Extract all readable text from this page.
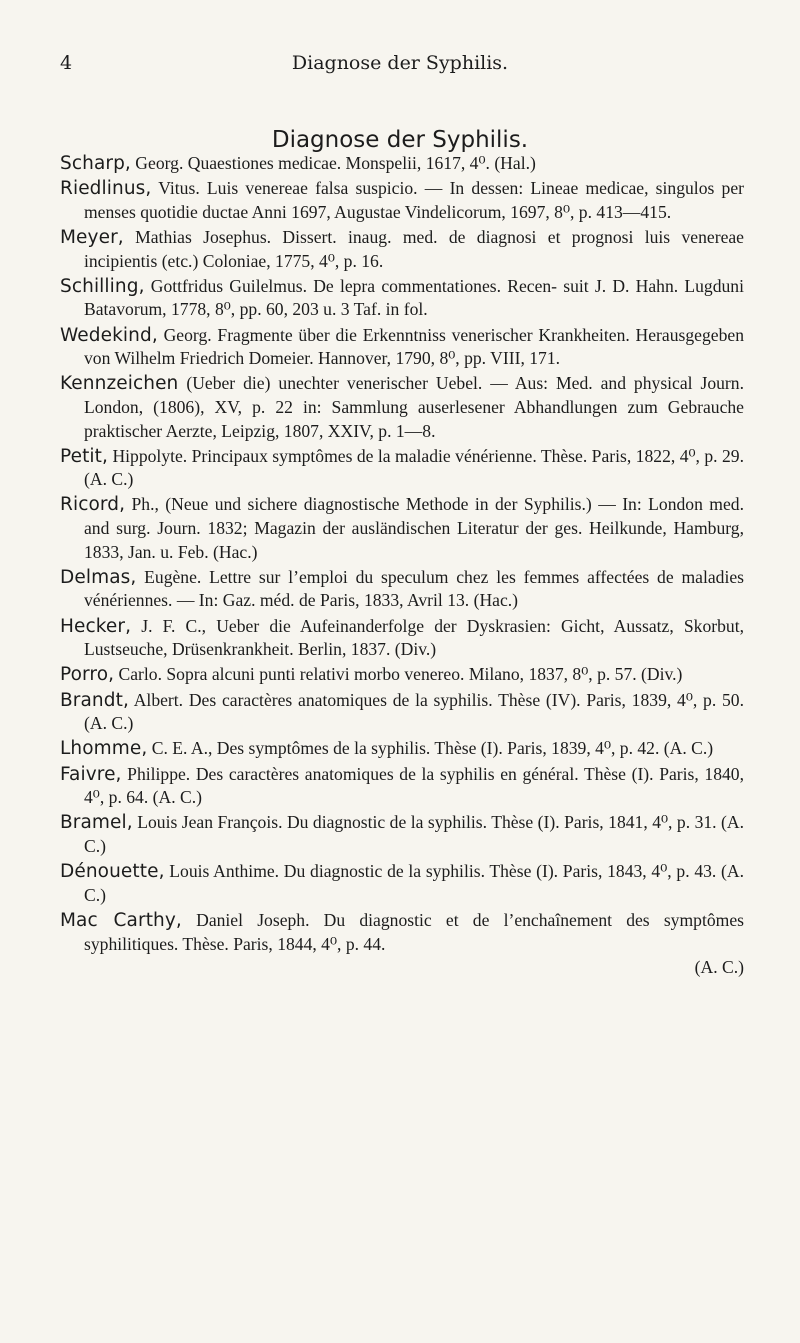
4	Diagnose der Syphilis.
Diagnose der Syphilis.

Scharp, Georg. Quaestiones medicae. Monspelii, 1617, 4⁰. (Hal.)

Riedlinus, Vitus. Luis venereae falsa suspicio. — In dessen: Lineae medicae, singulos per menses quotidie ductae Anni 1697, Augustae Vindelicorum, 1697, 8⁰, p. 413—415.

Meyer, Mathias Josephus. Dissert. inaug. med. de diagnosi et prognosi luis venereae incipientis (etc.) Coloniae, 1775, 4⁰, p. 16.

Schilling, Gottfridus Guilelmus. De lepra commentationes. Recen- suit J. D. Hahn. Lugduni Batavorum, 1778, 8⁰, pp. 60, 203 u. 3 Taf. in fol.

Wedekind, Georg. Fragmente über die Erkenntniss venerischer Krankheiten. Herausgegeben von Wilhelm Friedrich Domeier. Hannover, 1790, 8⁰, pp. VIII, 171.

Kennzeichen (Ueber die) unechter venerischer Uebel. — Aus: Med. and physical Journ. London, (1806), XV, p. 22 in: Sammlung auserlesener Abhandlungen zum Gebrauche praktischer Aerzte, Leipzig, 1807, XXIV, p. 1—8.

Petit, Hippolyte. Principaux symptômes de la maladie vénérienne. Thèse. Paris, 1822, 4⁰, p. 29. (A. C.)

Ricord, Ph., (Neue und sichere diagnostische Methode in der Syphilis.) — In: London med. and surg. Journ. 1832; Magazin der ausländischen Literatur der ges. Heilkunde, Hamburg, 1833, Jan. u. Feb. (Hac.)

Delmas, Eugène. Lettre sur l’emploi du speculum chez les femmes affectées de maladies vénériennes. — In: Gaz. méd. de Paris, 1833, Avril 13. (Hac.)

Hecker, J. F. C., Ueber die Aufeinanderfolge der Dyskrasien: Gicht, Aussatz, Skorbut, Lustseuche, Drüsenkrankheit. Berlin, 1837. (Div.)

Porro, Carlo. Sopra alcuni punti relativi morbo venereo. Milano, 1837, 8⁰, p. 57. (Div.)

Brandt, Albert. Des caractères anatomiques de la syphilis. Thèse (IV). Paris, 1839, 4⁰, p. 50. (A. C.)

Lhomme, C. E. A., Des symptômes de la syphilis. Thèse (I). Paris, 1839, 4⁰, p. 42. (A. C.)

Faivre, Philippe. Des caractères anatomiques de la syphilis en général. Thèse (I). Paris, 1840, 4⁰, p. 64. (A. C.)

Bramel, Louis Jean François. Du diagnostic de la syphilis. Thèse (I). Paris, 1841, 4⁰, p. 31. (A. C.)

Dénouette, Louis Anthime. Du diagnostic de la syphilis. Thèse (I). Paris, 1843, 4⁰, p. 43. (A. C.)

Mac Carthy, Daniel Joseph. Du diagnostic et de l’enchaînement des symptômes syphilitiques. Thèse. Paris, 1844, 4⁰, p. 44.
(A. C.)
